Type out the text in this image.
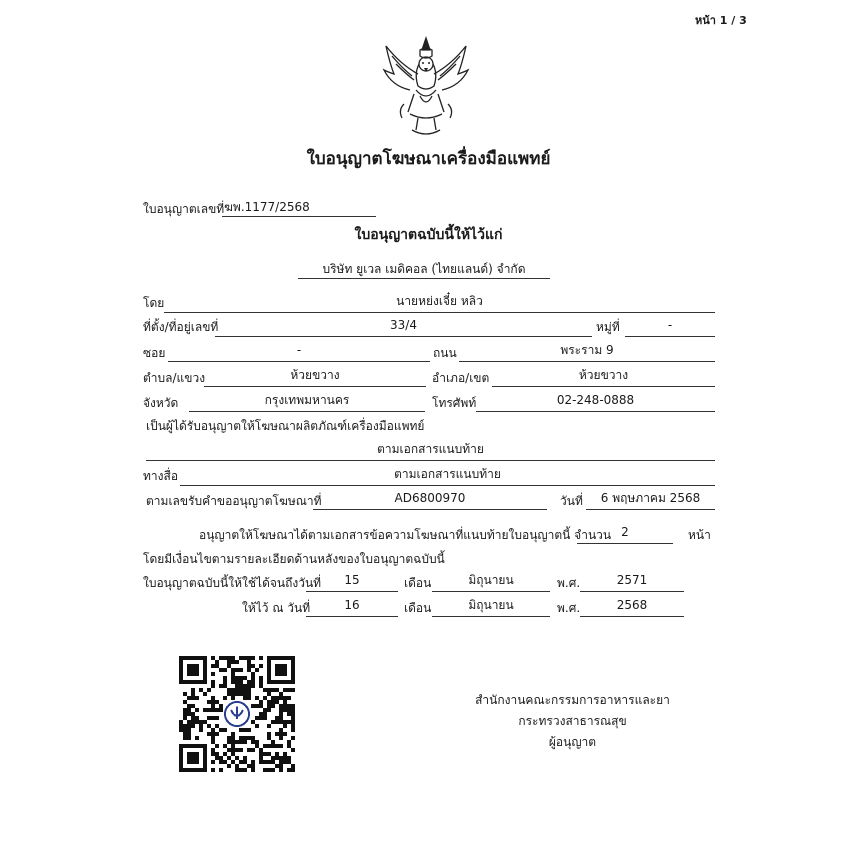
หน้า 1 / 3
ใบอนุญาตโฆษณาเครื่องมือแพทย์
ใบอนุญาตเลขที่ ฆพ.1177/2568
ใบอนุญาตฉบับนี้ให้ไว้แก่
บริษัท ยูเวล เมดิคอล (ไทยแลนด์) จำกัด
โดย	นายหย่งเจี๋ย หลิว
ที่ตั้ง/ที่อยู่เลขที่	33/4	หมู่ที่	-
ซอย	-	ถนน	พระราม 9
ตำบล/แขวง	ห้วยขวาง	อำเภอ/เขต	ห้วยขวาง
จังหวัด	กรุงเทพมหานคร	โทรศัพท์	02-248-0888
เป็นผู้ได้รับอนุญาตให้โฆษณาผลิตภัณฑ์เครื่องมือแพทย์
ตามเอกสารแนบท้าย
ทางสื่อ	ตามเอกสารแนบท้าย
ตามเลขรับคำขออนุญาตโฆษณาที่	AD6800970	วันที่	6 พฤษภาคม 2568
อนุญาตให้โฆษณาได้ตามเอกสารข้อความโฆษณาที่แนบท้ายใบอนุญาตนี้ จำนวน 2	หน้า
โดยมีเงื่อนไขตามรายละเอียดด้านหลังของใบอนุญาตฉบับนี้
ใบอนุญาตฉบับนี้ให้ใช้ได้จนถึงวันที่	15	เดือน	มิถุนายน	พ.ศ.	2571
ให้ไว้ ณ วันที่	16	เดือน	มิถุนายน	พ.ศ.	2568
สำนักงานคณะกรรมการอาหารและยา
กระทรวงสาธารณสุข
ผู้อนุญาต
